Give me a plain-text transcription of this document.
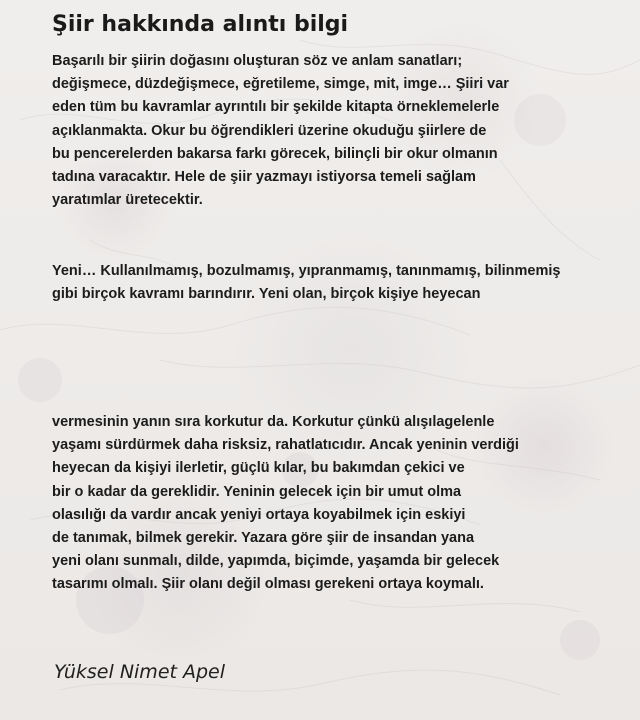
Şiir hakkında alıntı bilgi
Başarılı bir şiirin doğasını oluşturan söz ve anlam sanatları;
değişmece, düzdeğişmece, eğretileme, simge, mit, imge… Şiiri var
eden tüm bu kavramlar ayrıntılı bir şekilde kitapta örneklemelerle
açıklanmakta. Okur bu öğrendikleri üzerine okuduğu şiirlere de
bu pencerelerden bakarsa farkı görecek, bilinçli bir okur olmanın
tadına varacaktır. Hele de şiir yazmayı istiyorsa temeli sağlam
yaratımlar üretecektir.
Yeni… Kullanılmamış, bozulmamış, yıpranmamış, tanınmamış, bilinmemiş
gibi birçok kavramı barındırır. Yeni olan, birçok kişiye heyecan
vermesinin yanın sıra korkutur da. Korkutur çünkü alışılagelenle
yaşamı sürdürmek daha risksiz, rahatlatıcıdır. Ancak yeninin verdiği
heyecan da kişiyi ilerletir, güçlü kılar, bu bakımdan çekici ve
bir o kadar da gereklidir. Yeninin gelecek için bir umut olma
olasılığı da vardır ancak yeniyi ortaya koyabilmek için eskiyi
de tanımak, bilmek gerekir. Yazara göre şiir de insandan yana
yeni olanı sunmalı, dilde, yapımda, biçimde, yaşamda bir gelecek
tasarımı olmalı. Şiir olanı değil olması gerekeni ortaya koymalı.

Yüksel Nimet Apel
